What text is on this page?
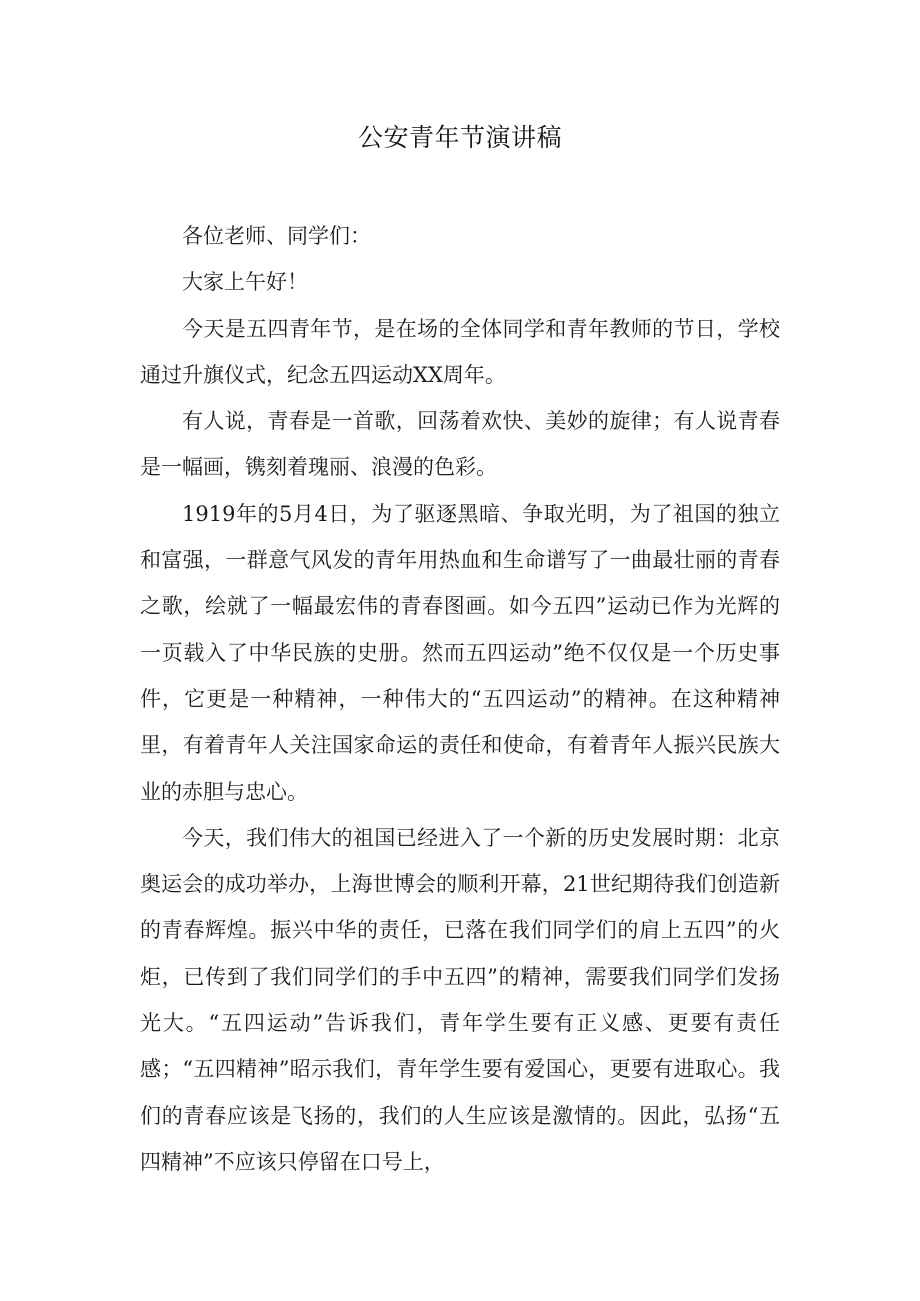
公安青年节演讲稿

各位老师、同学们：

大家上午好！

今天是五四青年节，是在场的全体同学和青年教师的节日，学校通过升旗仪式，纪念五四运动XX周年。

有人说，青春是一首歌，回荡着欢快、美妙的旋律；有人说青春是一幅画，镌刻着瑰丽、浪漫的色彩。

1919年的5月4日，为了驱逐黑暗、争取光明，为了祖国的独立和富强，一群意气风发的青年用热血和生命谱写了一曲最壮丽的青春之歌，绘就了一幅最宏伟的青春图画。如今五四”运动已作为光辉的一页载入了中华民族的史册。然而五四运动”绝不仅仅是一个历史事件，它更是一种精神，一种伟大的“五四运动”的精神。在这种精神里，有着青年人关注国家命运的责任和使命，有着青年人振兴民族大业的赤胆与忠心。

今天，我们伟大的祖国已经进入了一个新的历史发展时期：北京奥运会的成功举办，上海世博会的顺利开幕，21世纪期待我们创造新的青春辉煌。振兴中华的责任，已落在我们同学们的肩上五四”的火炬，已传到了我们同学们的手中五四”的精神，需要我们同学们发扬光大。“五四运动”告诉我们，青年学生要有正义感、更要有责任感；“五四精神”昭示我们，青年学生要有爱国心，更要有进取心。我们的青春应该是飞扬的，我们的人生应该是激情的。因此，弘扬“五四精神”不应该只停留在口号上，
